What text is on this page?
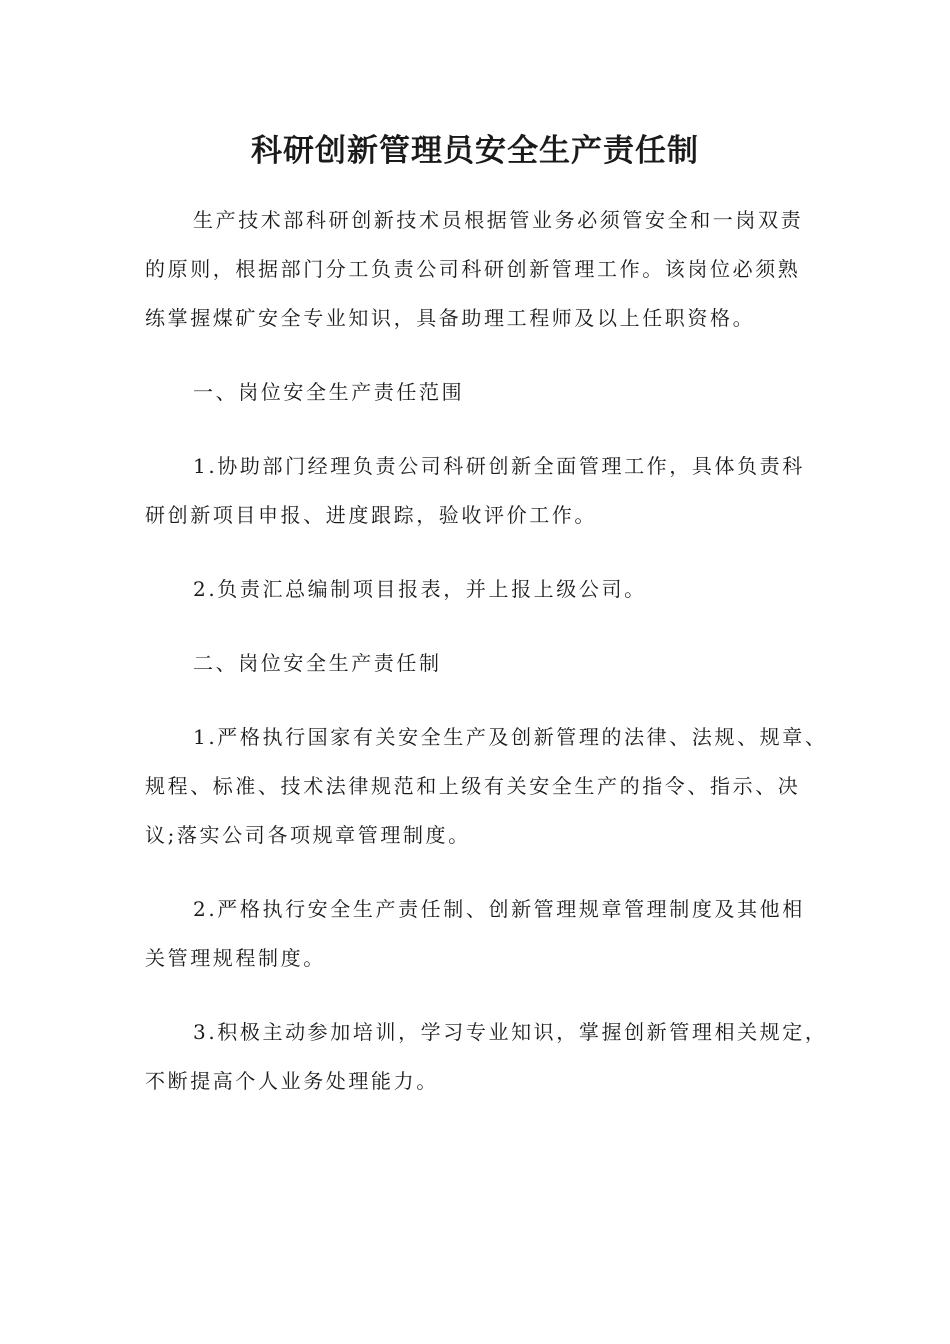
科研创新管理员安全生产责任制
生产技术部科研创新技术员根据管业务必须管安全和一岗双责
的原则，根据部门分工负责公司科研创新管理工作。该岗位必须熟
练掌握煤矿安全专业知识，具备助理工程师及以上任职资格。
一、岗位安全生产责任范围
1.协助部门经理负责公司科研创新全面管理工作，具体负责科
研创新项目申报、进度跟踪，验收评价工作。
2.负责汇总编制项目报表，并上报上级公司。
二、岗位安全生产责任制
1.严格执行国家有关安全生产及创新管理的法律、法规、规章、
规程、标准、技术法律规范和上级有关安全生产的指令、指示、决
议;落实公司各项规章管理制度。
2.严格执行安全生产责任制、创新管理规章管理制度及其他相
关管理规程制度。
3.积极主动参加培训，学习专业知识，掌握创新管理相关规定，
不断提高个人业务处理能力。
